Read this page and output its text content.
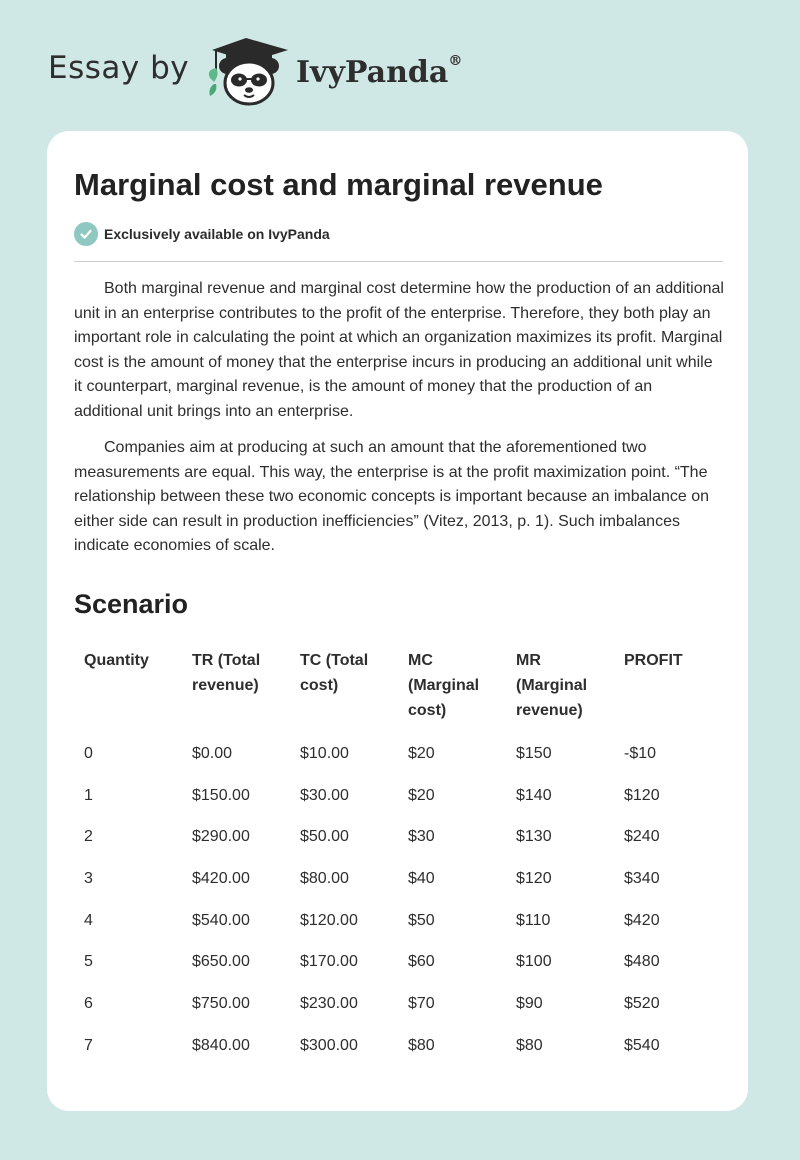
Essay by	IvyPanda®
Marginal cost and marginal revenue
Exclusively available on IvyPanda

Both marginal revenue and marginal cost determine how the production of an additional unit in an enterprise contributes to the profit of the enterprise. Therefore, they both play an important role in calculating the point at which an organization maximizes its profit. Marginal cost is the amount of money that the enterprise incurs in producing an additional unit while it counterpart, marginal revenue, is the amount of money that the production of an additional unit brings into an enterprise.

Companies aim at producing at such an amount that the aforementioned two measurements are equal. This way, the enterprise is at the profit maximization point. “The relationship between these two economic concepts is important because an imbalance on either side can result in production inefficiencies” (Vitez, 2013, p. 1). Such imbalances indicate economies of scale.

Scenario
Quantity	TR (Total revenue)	TC (Total cost)	MC (Marginal cost)	MR (Marginal revenue)	PROFIT
0	$0.00	$10.00	$20	$150	-$10
1	$150.00	$30.00	$20	$140	$120
2	$290.00	$50.00	$30	$130	$240
3	$420.00	$80.00	$40	$120	$340
4	$540.00	$120.00	$50	$110	$420
5	$650.00	$170.00	$60	$100	$480
6	$750.00	$230.00	$70	$90	$520
7	$840.00	$300.00	$80	$80	$540
